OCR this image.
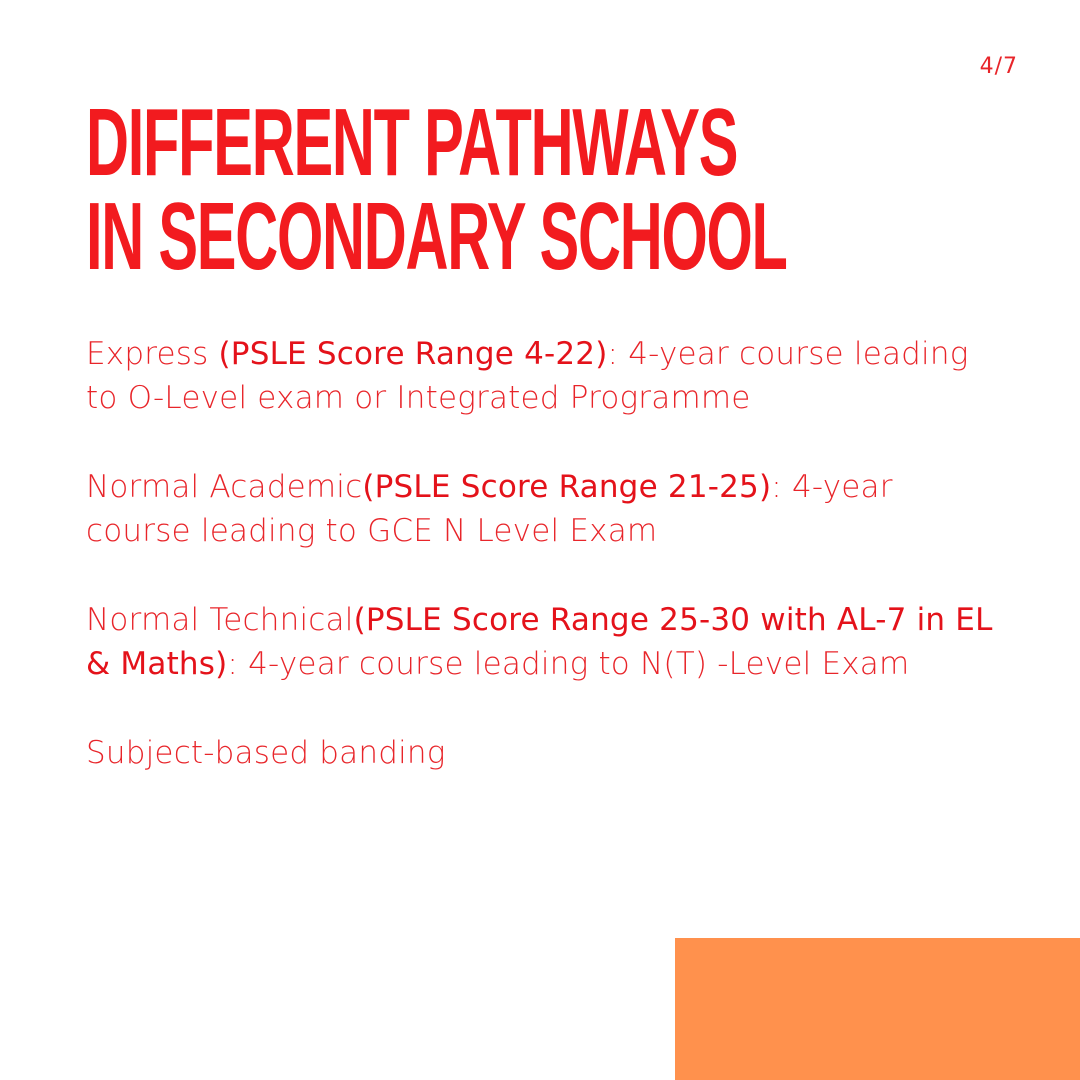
4/7
DIFFERENT PATHWAYS
IN SECONDARY SCHOOL

Express (PSLE Score Range 4-22): 4-year course leading to O-Level exam or Integrated Programme

Normal Academic(PSLE Score Range 21-25): 4-year course leading to GCE N Level Exam

Normal Technical(PSLE Score Range 25-30 with AL-7 in EL & Maths): 4-year course leading to N(T) -Level Exam

Subject-based banding
